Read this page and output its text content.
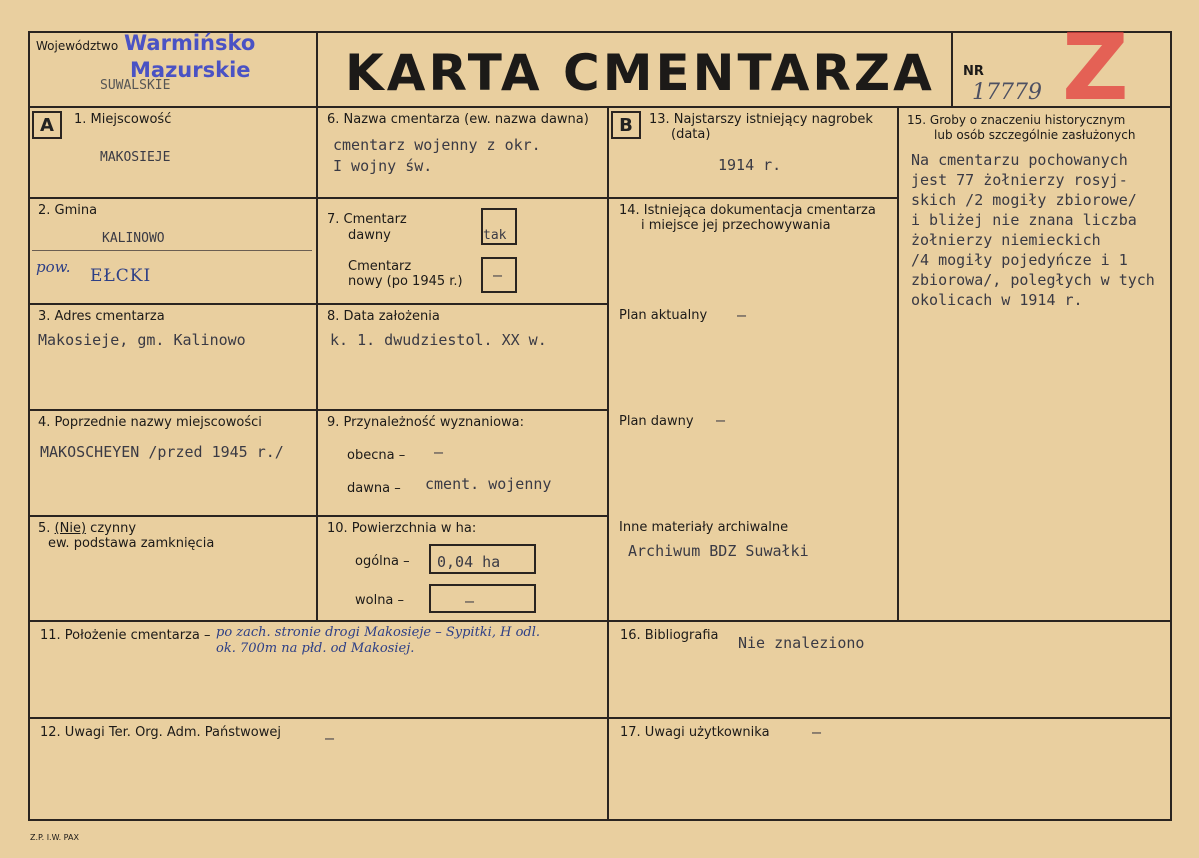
Województwo Warmińsko
Mazurskie
SUWALSKIE	KARTA CMENTARZA NR
17779 Z
A	1. Miejscowość
MAKOSIEJE
2. Gmina
KALINOWO
pow. EŁCKI
3. Adres cmentarza
Makosieje, gm. Kalinowo
4. Poprzednie nazwy miejscowości
MAKOSCHEYEN /przed 1945 r./
5. (Nie) czynny
ew. podstawa zamknięcia
6. Nazwa cmentarza (ew. nazwa dawna)
cmentarz wojenny z okr.
I wojny św.
7. Cmentarz
dawny	tak
Cmentarz
nowy (po 1945 r.) –
8. Data założenia
k. 1. dwudziestol. XX w.
9. Przynależność wyznaniowa:
obecna – –
dawna – cment. wojenny
10. Powierzchnia w ha:
ogólna – 0,04 ha
wolna –	–
B	13. Najstarszy istniejący nagrobek
(data)
1914 r.
14. Istniejąca dokumentacja cmentarza
i miejsce jej przechowywania
Plan aktualny –
Plan dawny –
Inne materiały archiwalne
Archiwum BDZ Suwałki
15. Groby o znaczeniu historycznym
lub osób szczególnie zasłużonych
Na cmentarzu pochowanych
jest 77 żołnierzy rosyj-
skich /2 mogiły zbiorowe/
i bliżej nie znana liczba
żołnierzy niemieckich
/4 mogiły pojedyńcze i 1
zbiorowa/, poległych w tych
okolicach w 1914 r.
11. Położenie cmentarza – po zach. stronie drogi Makosieje – Sypitki, H odl.
ok. 700m na płd. od Makosiej.
16. Bibliografia Nie znaleziono
12. Uwagi Ter. Org. Adm. Państwowej	–	17. Uwagi użytkownika	–
Z.P. I.W. PAX
